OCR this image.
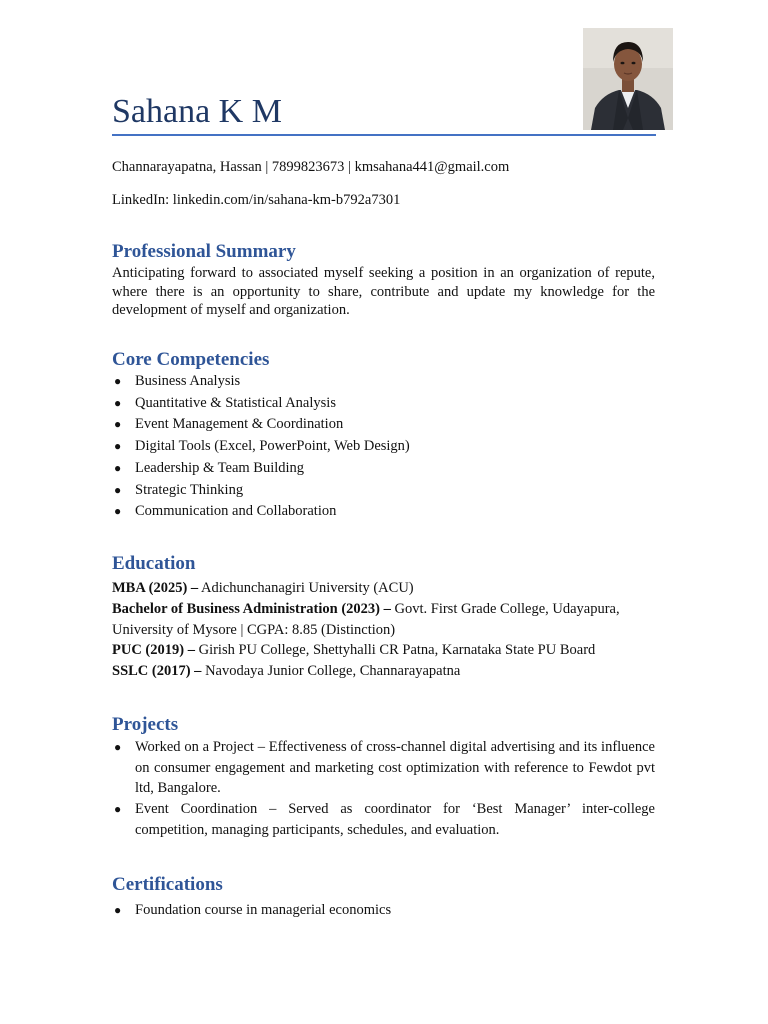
Sahana K M

Channarayapatna, Hassan | 7899823673 | kmsahana441@gmail.com

LinkedIn: linkedin.com/in/sahana-km-b792a7301

Professional Summary

Anticipating forward to associated myself seeking a position in an organization of repute, where there is an opportunity to share, contribute and update my knowledge for the development of myself and organization.

Core Competencies
● Business Analysis
● Quantitative & Statistical Analysis
● Event Management & Coordination
● Digital Tools (Excel, PowerPoint, Web Design)
● Leadership & Team Building
● Strategic Thinking
● Communication and Collaboration
Education

MBA (2025) – Adichunchanagiri University (ACU)

Bachelor of Business Administration (2023) – Govt. First Grade College, Udayapura, University of Mysore | CGPA: 8.85 (Distinction)

PUC (2019) – Girish PU College, Shettyhalli CR Patna, Karnataka State PU Board

SSLC (2017) – Navodaya Junior College, Channarayapatna

Projects
● Worked on a Project – Effectiveness of cross-channel digital advertising and its influence on consumer engagement and marketing cost optimization with reference to Fewdot pvt ltd, Bangalore.
● Event Coordination – Served as coordinator for ‘Best Manager’ inter-college competition, managing participants, schedules, and evaluation.
Certifications
● Foundation course in managerial economics
